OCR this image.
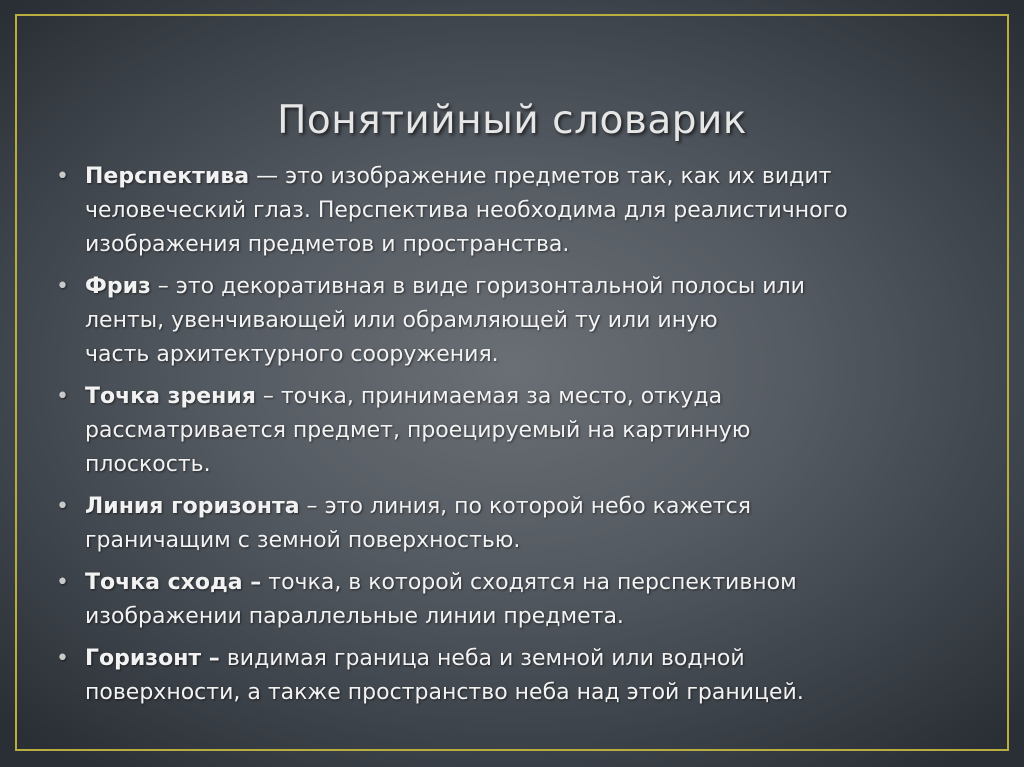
Понятийный словарик
• Перспектива — это изображение предметов так, как их видит
человеческий глаз. Перспектива необходима для реалистичного
изображения предметов и пространства.
• Фриз – это декоративная в виде горизонтальной полосы или
ленты, увенчивающей или обрамляющей ту или иную
часть архитектурного сооружения.
• Точка зрения – точка, принимаемая за место, откуда
рассматривается предмет, проецируемый на картинную
плоскость.
• Линия горизонта – это линия, по которой небо кажется
граничащим с земной поверхностью.
• Точка схода – точка, в которой сходятся на перспективном
изображении параллельные линии предмета.
• Горизонт – видимая граница неба и земной или водной
поверхности, а также пространство неба над этой границей.
